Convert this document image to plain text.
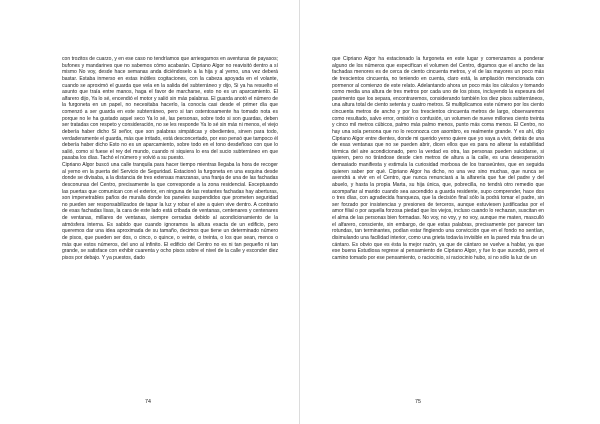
con trozitos de cuarzo, y en ese caso no tendríamos que arriesgarnos en aventuras de payasos; bufones y mandarines que no sabemos cómo acabarán. Cipriano Algor no reavisitó dentro a sí mismo No voy, desde hace semanas anda diciéndoselo a la hija y al yerno, una vez deberá bastar. Estaba inmerso en estas inútiles cogitaciones, con la cabeza apoyada en el volante, cuando se aproximó el guarda que vela en la salida del subterráneo y dijo, Si ya ha resuelto el asunto que traía entre manos, haga el favor de marcharse, esto no es un aparcamiento. El alfarero dijo, Ya lo sé, encendió el motor y salió sin más palabras. El guarda anotó el número de la furgoneta en un papel, no necesitaba hacerlo, la conocía casi desde el primer día que comenzó a ser guarda en este subterráneo, pero si tan ostentosamente ha tomado nota es porque no le ha gustado aquel seco Ya lo sé, las personas, sobre todo si son guardas, deben ser tratadas con respeto y consideración, no se les responde Ya lo sé sin más ni menos, el viejo debería haber dicho Sí señor, que son palabras simpáticas y obedientes, sirven para todo, verdaderamente el guarda, más que irritado, está desconcertado, por eso pensó que tampoco él debería haber dicho Esto no es un aparcamiento, sobre todo en el tono desdeñoso con que lo salió, como si fuese el rey del mundo, cuando ni siquiera lo era del sucio subterráneo en que pasaba los días. Tachó el número y volvió a su puesto.

Cipriano Algor buscó una calle tranquila para hacer tiempo mientras llegaba la hora de recoger al yerno en la puerta del Servicio de Seguridad. Estacionó la furgoneta en una esquina desde donde se divisaba, a la distancia de tres extensas manzanas, una franja de una de las fachadas desconunas del Centro, precisamente la que corresponde a la zona residencial. Exceptuando las puertas que comunican con el exterior, en ninguna de las restantes fachadas hay aberturas, son impenetrables paños de muralla donde los paneles suspendidos que prometen seguridad no pueden ser responsabilizados de tapar la luz y robar el aire a quien vive dentro. A contrario de esas fachadas lisas, la cara de este lado está cribada de ventanas, centenares y centenares de ventanas, millares de ventanas, siempre cerradas debido al acondicionamiento de la atmósfera interna. Es sabido que cuando ignoramos la altura exacta de un edificio, pero queremos dar una idea aproximada de su tamaño, decimos que tiene un determinado número de pisos, que pueden ser dos, o cinco, o quince, o veinte, o treinta, o los que sean, menos o más que estos números, del uno al infinito. El edificio del Centro no es ni tan pequeño ni tan grande, se satisface con exhibir cuarenta y ocho pisos sobre el nivel de la calle y esconder diez pisos por debajo. Y ya puestos, dado

74

que Cipriano Algor ha estacionado la furgoneta en este lugar y comenzamos a ponderar alguno de los números que especifican el volumen del Centro, digamos que el ancho de las fachadas menores es de cerca de ciento cincuenta metros, y el de las mayores un poco más de trescientos cincuenta, no teniendo en cuenta, claro está, la ampliación mencionada con pormenor al comienzo de este relato. Adelantando ahora un poco más los cálculos y tomando como media una altura de tres metros por cada uno de los pisos, incluyendo la espesura del pavimento que los separa, encontraremos, considerando también los diez pisos subterráneos, una altura total de ciento setenta y cuatro metros. Si multiplicamos este número por los ciento cincuenta metros de ancho y por los trescientos cincuenta metros de largo, observaremos como resultado, salvo error, omisión o confusión, un volumen de nueve millones ciento treinta y cinco mil metros cúbicos, palmo más palmo menos, punto más coma menos. El Centro, no hay una sola persona que no lo reconozca con asombro, es realmente grande. Y es ahí, dijo Cipriano Algor entre dientes, donde mi querido yerno quiere que yo vaya a vivir, detrás de una de esas ventanas que no se pueden abrir, dicen ellos que es para no alterar la estabilidad térmica del aire acondicionado, pero la verdad es otra, las personas pueden suicidarse, si quieren, pero no tirándose desde cien metros de altura a la calle, es una desesperación demasiado manifiesta y estimula la curiosidad morbosa de los transeúntes, que en seguida quieren saber por qué. Cipriano Algor ha dicho, no una vez sino muchas, que nunca se avendrá a vivir en el Centro, que nunca renunciará a la alfarería que fue del padre y del abuelo, y hasta la propia Marta, su hija única, que, pobrecilla, no tendrá otro remedio que acompañar al marido cuando sea ascendido a guarda residente, supo comprender, hace dos o tres días, con agradecida franqueza, que la decisión final sólo la podrá tomar el padre, sin ser forzado por insistencias y presiones de terceros, aunque estuviesen justificadas por el amor filial o por aquella forzosa piedad que los viejos, incluso cuando lo rechazan, suscitan en el alma de las personas bien formadas. No voy, no voy, y no voy, aunque me maten, masculló el alfarero, consciente, sin embargo, de que estas palabras, precisamente por parecer tan rotundas, tan terminantes, podían estar fingiendo una convicción que en el fondo no sentían, disimulando una facilidad interior, como una grieta todavía invisible en la pared más fina de un cántaro. Es obvio que es ésta la mejor razón, ya que de cántaro se vuelve a hablar, ya que ese buena Estudiosa regrese al pensamiento de Cipriano Algor, y fue lo que sucedió, pero el camino tomado por ese pensamiento, o raciocinio, si raciocinio hubo, si no sólo la luz de un

75
